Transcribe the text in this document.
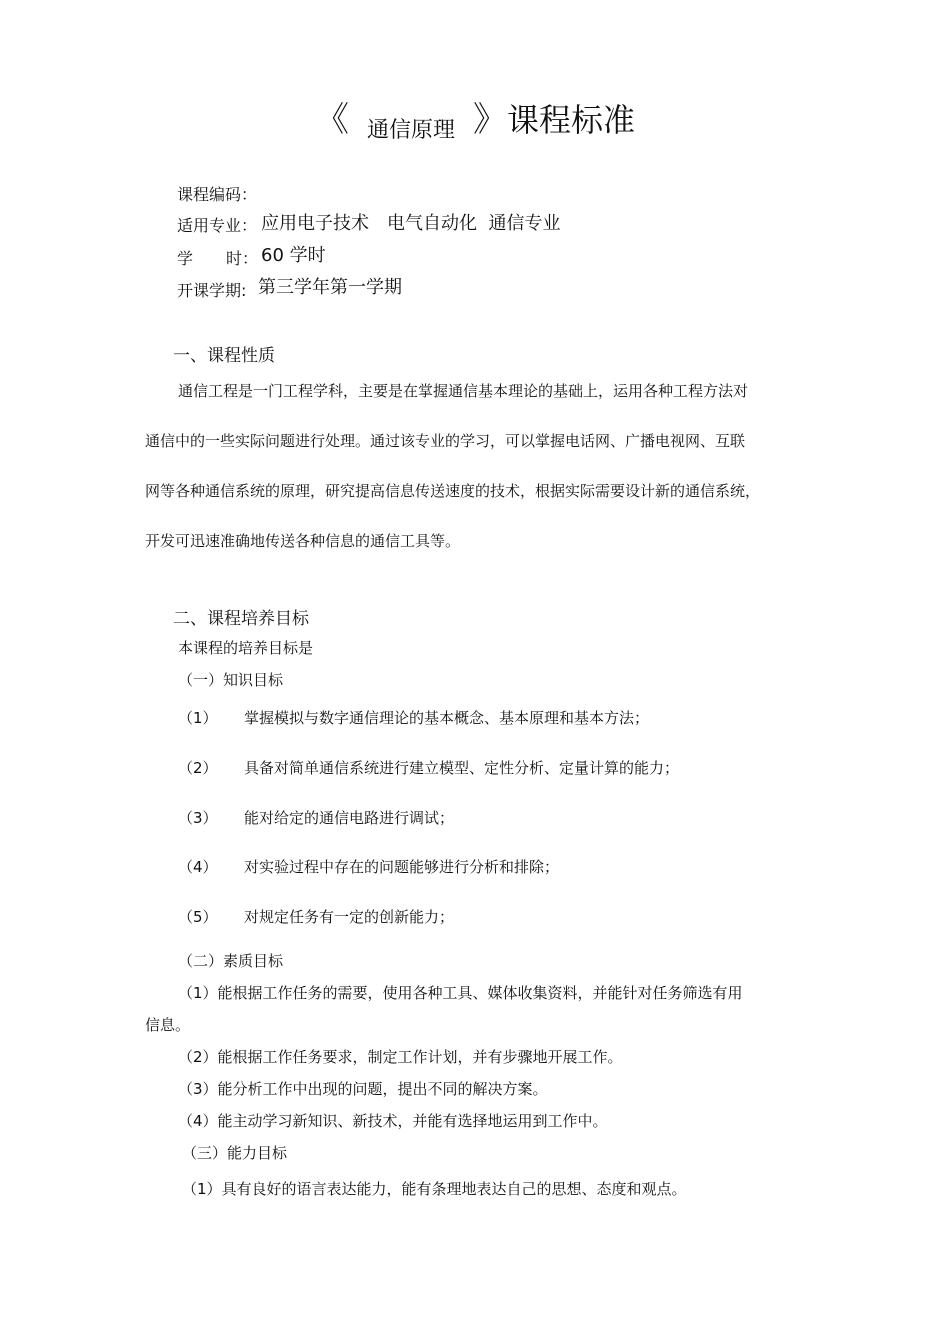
《 通信原理 》课程标准
课程编码：
适用专业： 应用电子技术　电气自动化  通信专业
学 时： 60 学时
开课学期: 第三学年第一学期
一、课程性质
通信工程是一门工程学科，主要是在掌握通信基本理论的基础上，运用各种工程方法对
通信中的一些实际问题进行处理。通过该专业的学习，可以掌握电话网、广播电视网、互联
网等各种通信系统的原理，研究提高信息传送速度的技术，根据实际需要设计新的通信系统，
开发可迅速准确地传送各种信息的通信工具等。
二、课程培养目标
本课程的培养目标是
（一）知识目标
（1） 掌握模拟与数字通信理论的基本概念、基本原理和基本方法；
（2） 具备对简单通信系统进行建立模型、定性分析、定量计算的能力；
（3） 能对给定的通信电路进行调试；
（4） 对实验过程中存在的问题能够进行分析和排除；
（5） 对规定任务有一定的创新能力；
（二）素质目标
（1）能根据工作任务的需要，使用各种工具、媒体收集资料，并能针对任务筛选有用
信息。
（2）能根据工作任务要求，制定工作计划，并有步骤地开展工作。
（3）能分析工作中出现的问题，提出不同的解决方案。
（4）能主动学习新知识、新技术，并能有选择地运用到工作中。
（三）能力目标
（1）具有良好的语言表达能力，能有条理地表达自己的思想、态度和观点。
